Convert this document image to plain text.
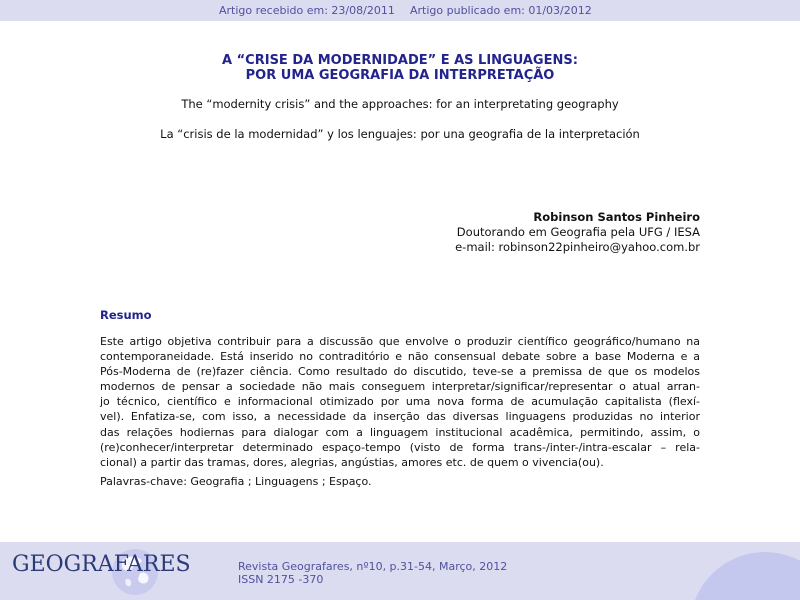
Artigo recebido em: 23/08/2011 Artigo publicado em: 01/03/2012
A “CRISE DA MODERNIDADE” E AS LINGUAGENS:
POR UMA GEOGRAFIA DA INTERPRETAÇÃO

The “modernity crisis” and the approaches: for an interpretating geography

La “crisis de la modernidad” y los lenguajes: por una geografia de la interpretación

Robinson Santos Pinheiro
Doutorando em Geografia pela UFG / IESA
e-mail: robinson22pinheiro@yahoo.com.br
Resumo

Este artigo objetiva contribuir para a discussão que envolve o produzir científico geográfico/humano na
contemporaneidade. Está inserido no contraditório e não consensual debate sobre a base Moderna e a
Pós-Moderna de (re)fazer ciência. Como resultado do discutido, teve-se a premissa de que os modelos
modernos de pensar a sociedade não mais conseguem interpretar/significar/representar o atual arran-
jo técnico, científico e informacional otimizado por uma nova forma de acumulação capitalista (flexí-
vel). Enfatiza-se, com isso, a necessidade da inserção das diversas linguagens produzidas no interior
das relações hodiernas para dialogar com a linguagem institucional acadêmica, permitindo, assim, o
(re)conhecer/interpretar determinado espaço-tempo (visto de forma trans-/inter-/intra-escalar – rela-
cional) a partir das tramas, dores, alegrias, angústias, amores etc. de quem o vivencia(ou).

Palavras-chave: Geografia ; Linguagens ; Espaço.

GEOGRAFARES	Revista Geografares, nº10, p.31-54, Março, 2012
ISSN 2175 -370
